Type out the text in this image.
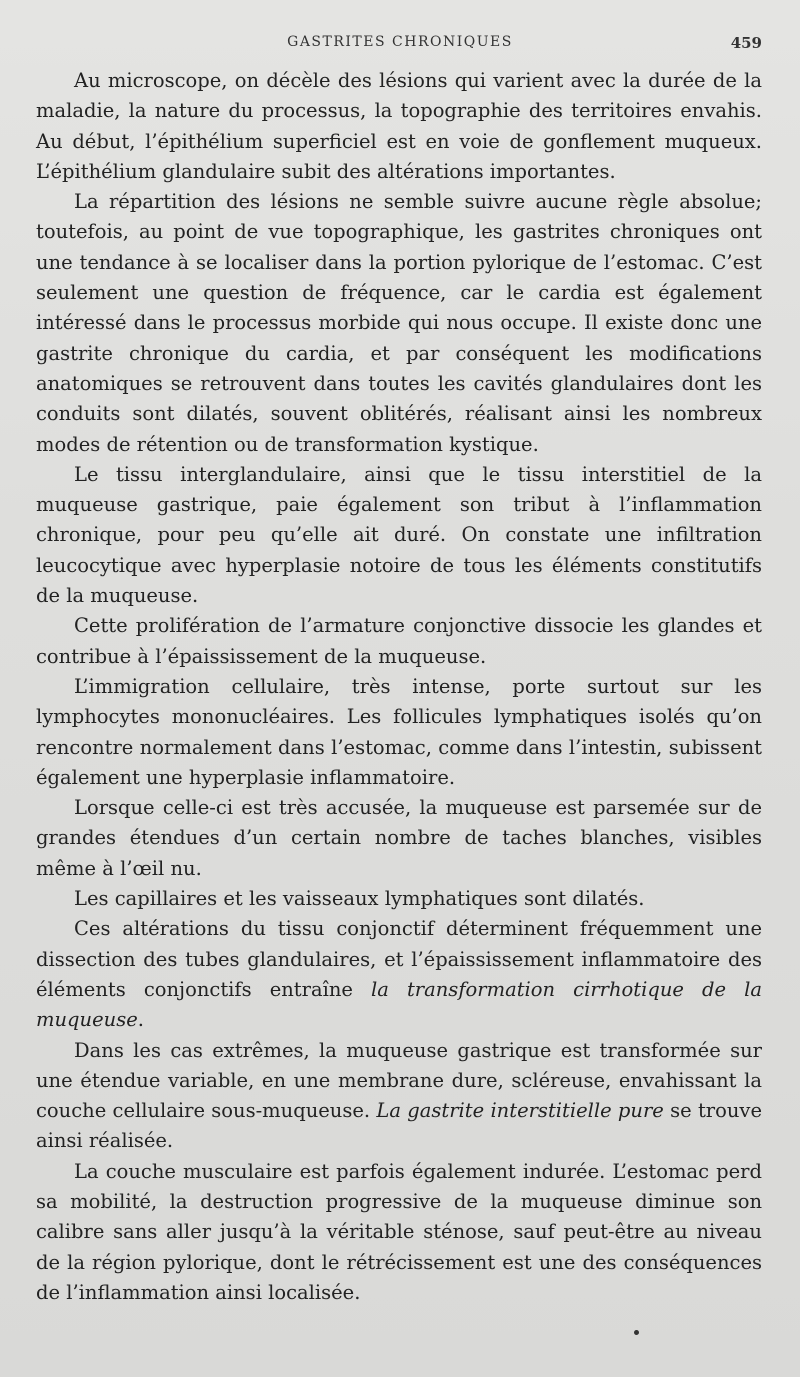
GASTRITES CHRONIQUES	459

Au microscope, on décèle des lésions qui varient avec la durée de la maladie, la nature du processus, la topographie des territoires envahis. Au début, l’épithélium superficiel est en voie de gonflement muqueux. L’épithélium glandulaire subit des altérations importantes.

La répartition des lésions ne semble suivre aucune règle absolue; toutefois, au point de vue topographique, les gastrites chroniques ont une tendance à se localiser dans la portion pylorique de l’estomac. C’est seulement une question de fréquence, car le cardia est également intéressé dans le processus morbide qui nous occupe. Il existe donc une gastrite chronique du cardia, et par conséquent les modifications anatomiques se retrouvent dans toutes les cavités glandulaires dont les conduits sont dilatés, souvent oblitérés, réalisant ainsi les nombreux modes de rétention ou de transformation kystique.

Le tissu interglandulaire, ainsi que le tissu interstitiel de la muqueuse gastrique, paie également son tribut à l’inflammation chronique, pour peu qu’elle ait duré. On constate une infiltration leucocytique avec hyperplasie notoire de tous les éléments constitutifs de la muqueuse.

Cette prolifération de l’armature conjonctive dissocie les glandes et contribue à l’épaississement de la muqueuse.

L’immigration cellulaire, très intense, porte surtout sur les lymphocytes mononucléaires. Les follicules lymphatiques isolés qu’on rencontre normalement dans l’estomac, comme dans l’intestin, subissent également une hyperplasie inflammatoire.

Lorsque celle-ci est très accusée, la muqueuse est parsemée sur de grandes étendues d’un certain nombre de taches blanches, visibles même à l’œil nu.

Les capillaires et les vaisseaux lymphatiques sont dilatés.

Ces altérations du tissu conjonctif déterminent fréquemment une dissection des tubes glandulaires, et l’épaississement inflammatoire des éléments conjonctifs entraîne la transformation cirrhotique de la muqueuse.

Dans les cas extrêmes, la muqueuse gastrique est transformée sur une étendue variable, en une membrane dure, scléreuse, envahissant la couche cellulaire sous-muqueuse. La gastrite interstitielle pure se trouve ainsi réalisée.

La couche musculaire est parfois également indurée. L’estomac perd sa mobilité, la destruction progressive de la muqueuse diminue son calibre sans aller jusqu’à la véritable sténose, sauf peut-être au niveau de la région pylorique, dont le rétrécissement est une des conséquences de l’inflammation ainsi localisée.
